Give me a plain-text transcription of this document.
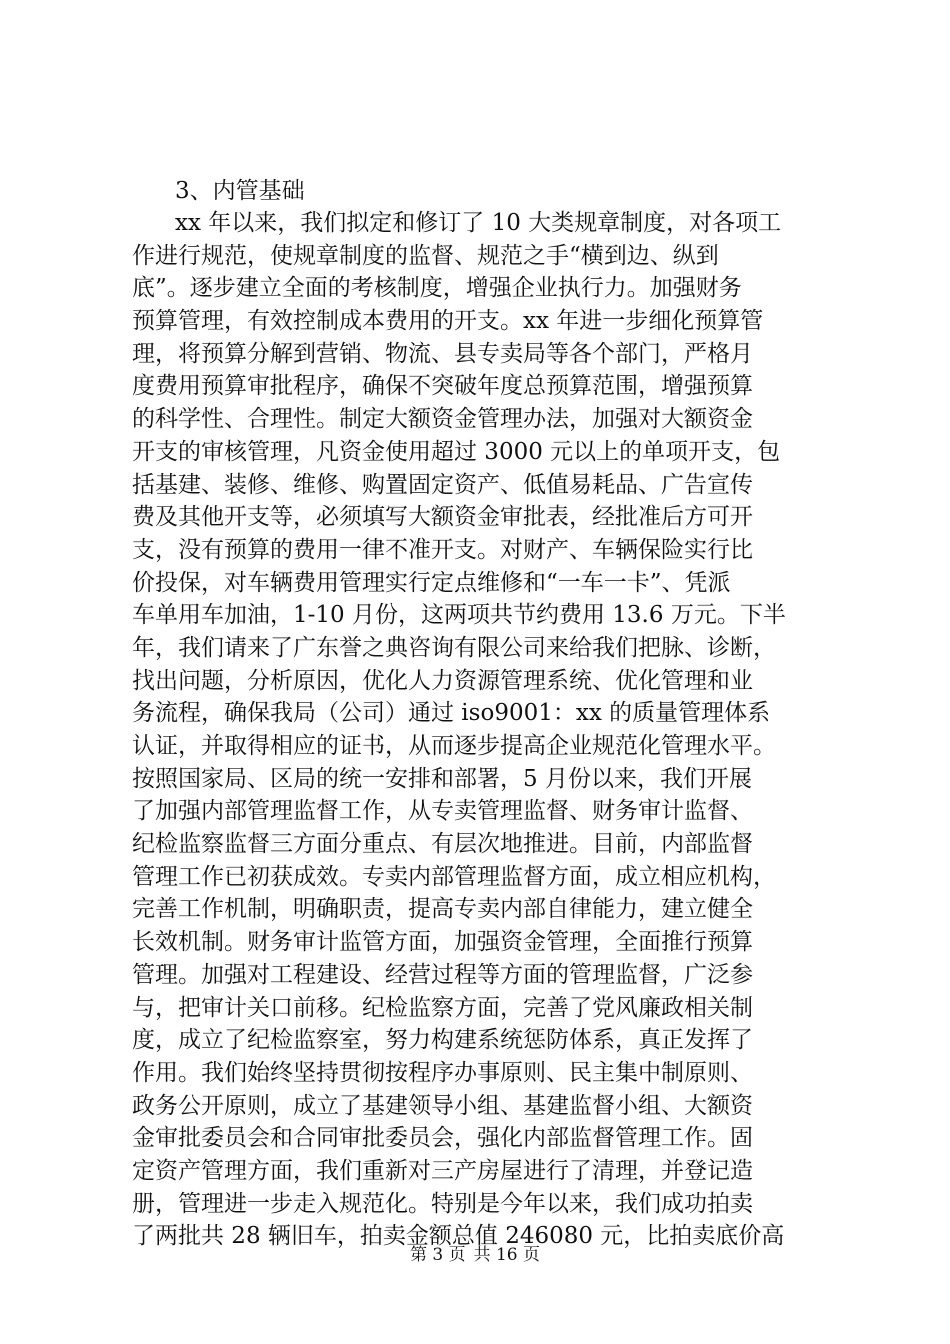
3、内管基础
xx 年以来，我们拟定和修订了 10 大类规章制度，对各项工
作进行规范，使规章制度的监督、规范之手“横到边、纵到
底”。逐步建立全面的考核制度，增强企业执行力。加强财务
预算管理，有效控制成本费用的开支。xx 年进一步细化预算管
理，将预算分解到营销、物流、县专卖局等各个部门，严格月
度费用预算审批程序，确保不突破年度总预算范围，增强预算
的科学性、合理性。制定大额资金管理办法，加强对大额资金
开支的审核管理，凡资金使用超过 3000 元以上的单项开支，包
括基建、装修、维修、购置固定资产、低值易耗品、广告宣传
费及其他开支等，必须填写大额资金审批表，经批准后方可开
支，没有预算的费用一律不准开支。对财产、车辆保险实行比
价投保，对车辆费用管理实行定点维修和“一车一卡”、凭派
车单用车加油，1-10 月份，这两项共节约费用 13.6 万元。下半
年，我们请来了广东誉之典咨询有限公司来给我们把脉、诊断，
找出问题，分析原因，优化人力资源管理系统、优化管理和业
务流程，确保我局（公司）通过 iso9001：xx 的质量管理体系
认证，并取得相应的证书，从而逐步提高企业规范化管理水平。
按照国家局、区局的统一安排和部署，5 月份以来，我们开展
了加强内部管理监督工作，从专卖管理监督、财务审计监督、
纪检监察监督三方面分重点、有层次地推进。目前，内部监督
管理工作已初获成效。专卖内部管理监督方面，成立相应机构，
完善工作机制，明确职责，提高专卖内部自律能力，建立健全
长效机制。财务审计监管方面，加强资金管理，全面推行预算
管理。加强对工程建设、经营过程等方面的管理监督，广泛参
与，把审计关口前移。纪检监察方面，完善了党风廉政相关制
度，成立了纪检监察室，努力构建系统惩防体系，真正发挥了
作用。我们始终坚持贯彻按程序办事原则、民主集中制原则、
政务公开原则，成立了基建领导小组、基建监督小组、大额资
金审批委员会和合同审批委员会，强化内部监督管理工作。固
定资产管理方面，我们重新对三产房屋进行了清理，并登记造
册，管理进一步走入规范化。特别是今年以来，我们成功拍卖
了两批共 28 辆旧车，拍卖金额总值 246080 元，比拍卖底价高
第 3 页 共 16 页
